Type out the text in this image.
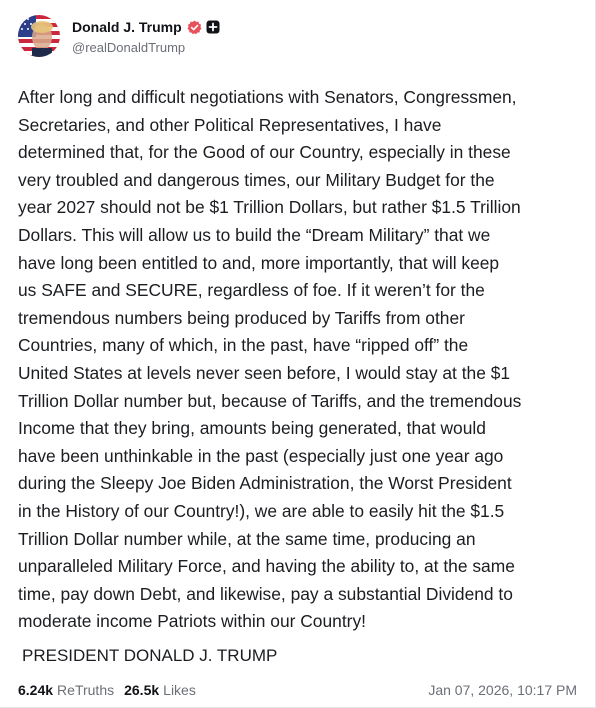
Donald J. Trump
@realDonaldTrump

After long and difficult negotiations with Senators, Congressmen,
Secretaries, and other Political Representatives, I have
determined that, for the Good of our Country, especially in these
very troubled and dangerous times, our Military Budget for the
year 2027 should not be $1 Trillion Dollars, but rather $1.5 Trillion
Dollars. This will allow us to build the “Dream Military” that we
have long been entitled to and, more importantly, that will keep
us SAFE and SECURE, regardless of foe. If it weren’t for the
tremendous numbers being produced by Tariffs from other
Countries, many of which, in the past, have “ripped off” the
United States at levels never seen before, I would stay at the $1
Trillion Dollar number but, because of Tariffs, and the tremendous
Income that they bring, amounts being generated, that would
have been unthinkable in the past (especially just one year ago
during the Sleepy Joe Biden Administration, the Worst President
in the History of our Country!), we are able to easily hit the $1.5
Trillion Dollar number while, at the same time, producing an
unparalleled Military Force, and having the ability to, at the same
time, pay down Debt, and likewise, pay a substantial Dividend to
moderate income Patriots within our Country!

PRESIDENT DONALD J. TRUMP
6.24k ReTruths 26.5k Likes	Jan 07, 2026, 10:17 PM
